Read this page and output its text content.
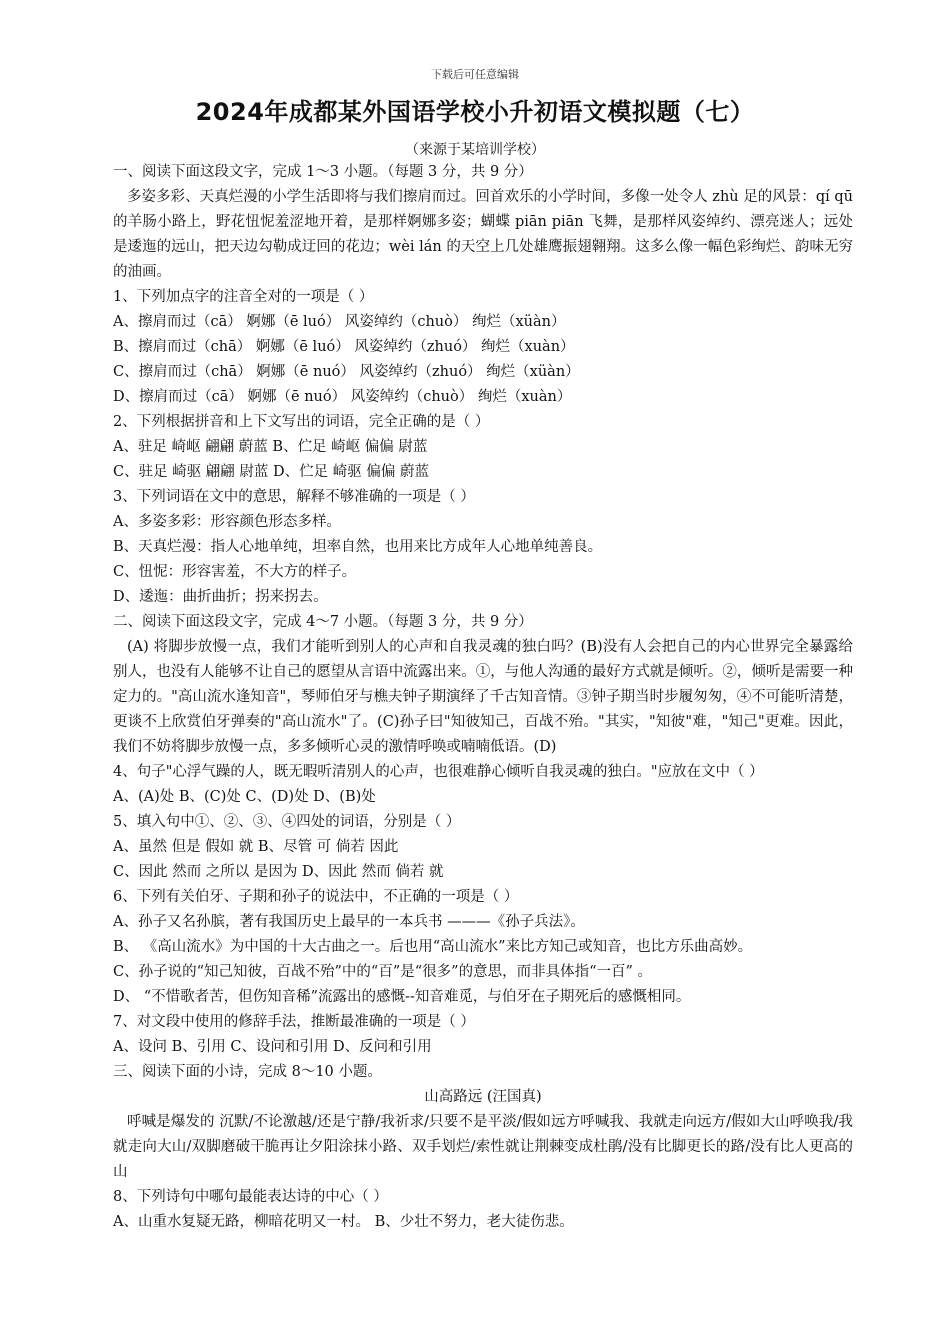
下载后可任意编辑
2024年成都某外国语学校小升初语文模拟题（七）
（来源于某培训学校）
一、阅读下面这段文字，完成 1～3 小题。（每题 3 分，共 9 分）
多姿多彩、天真烂漫的小学生活即将与我们擦肩而过。回首欢乐的小学时间，多像一处令人 zhù 足的风景：qí qū 的羊肠小路上，野花忸怩羞涩地开着，是那样婀娜多姿；蝴蝶 piān piān 飞舞，是那样风姿绰约、漂亮迷人；远处是逶迤的远山，把天边勾勒成迂回的花边；wèi lán 的天空上几处雄鹰振翅翱翔。这多么像一幅色彩绚烂、韵味无穷的油画。
1、下列加点字的注音全对的一项是（ ）
A、擦肩而过（cā） 婀娜（ē luó） 风姿绰约（chuò） 绚烂（xüàn）
B、擦肩而过（chā） 婀娜（ē luó） 风姿绰约（zhuó） 绚烂（xuàn）
C、擦肩而过（chā） 婀娜（ē nuó） 风姿绰约（zhuó） 绚烂（xüàn）
D、擦肩而过（cā） 婀娜（ē nuó） 风姿绰约（chuò） 绚烂（xuàn）
2、下列根据拼音和上下文写出的词语，完全正确的是（ ）
A、驻足 崎岖 翩翩 蔚蓝 B、伫足 崎岖 偏偏 尉蓝
C、驻足 崎驱 翩翩 尉蓝 D、伫足 崎驱 偏偏 蔚蓝
3、下列词语在文中的意思，解释不够准确的一项是（ ）
A、多姿多彩：形容颜色形态多样。
B、天真烂漫：指人心地单纯，坦率自然，也用来比方成年人心地单纯善良。
C、忸怩：形容害羞，不大方的样子。
D、逶迤：曲折曲折；拐来拐去。
二、阅读下面这段文字，完成 4～7 小题。（每题 3 分，共 9 分）
(A) 将脚步放慢一点，我们才能听到别人的心声和自我灵魂的独白吗？(B)没有人会把自己的内心世界完全暴露给别人，也没有人能够不让自己的愿望从言语中流露出来。①，与他人沟通的最好方式就是倾听。②，倾听是需要一种定力的。"高山流水逢知音"，琴师伯牙与樵夫钟子期演绎了千古知音情。③钟子期当时步履匆匆，④不可能听清楚，更谈不上欣赏伯牙弹奏的"高山流水"了。(C)孙子曰"知彼知己，百战不殆。"其实，"知彼"难，"知己"更难。因此，我们不妨将脚步放慢一点，多多倾听心灵的激情呼唤或喃喃低语。(D)
4、句子"心浮气躁的人，既无暇听清别人的心声，也很难静心倾听自我灵魂的独白。"应放在文中（ ）
A、(A)处 B、(C)处 C、(D)处 D、(B)处
5、填入句中①、②、③、④四处的词语，分别是（ ）
A、虽然 但是 假如 就 B、尽管 可 倘若 因此
C、因此 然而 之所以 是因为 D、因此 然而 倘若 就
6、下列有关伯牙、子期和孙子的说法中，不正确的一项是（ ）
A、孙子又名孙膑，著有我国历史上最早的一本兵书 ———《孙子兵法》。
B、 《高山流水》为中国的十大古曲之一。后也用“高山流水”来比方知己或知音，也比方乐曲高妙。
C、孙子说的“知己知彼，百战不殆”中的“百”是“很多”的意思，而非具体指“一百” 。
D、 “不惜歌者苦，但伤知音稀”流露出的感慨--知音难觅，与伯牙在子期死后的感慨相同。
7、对文段中使用的修辞手法，推断最准确的一项是（ ）
A、设问 B、引用 C、设问和引用 D、反问和引用
三、阅读下面的小诗，完成 8～10 小题。
山高路远 (汪国真)
呼喊是爆发的 沉默/不论激越/还是宁静/我祈求/只要不是平淡/假如远方呼喊我、我就走向远方/假如大山呼唤我/我就走向大山/双脚磨破干脆再让夕阳涂抹小路、双手划烂/索性就让荆棘变成杜鹃/没有比脚更长的路/没有比人更高的山
8、下列诗句中哪句最能表达诗的中心（ ）
A、山重水复疑无路，柳暗花明又一村。 B、少壮不努力，老大徒伤悲。
